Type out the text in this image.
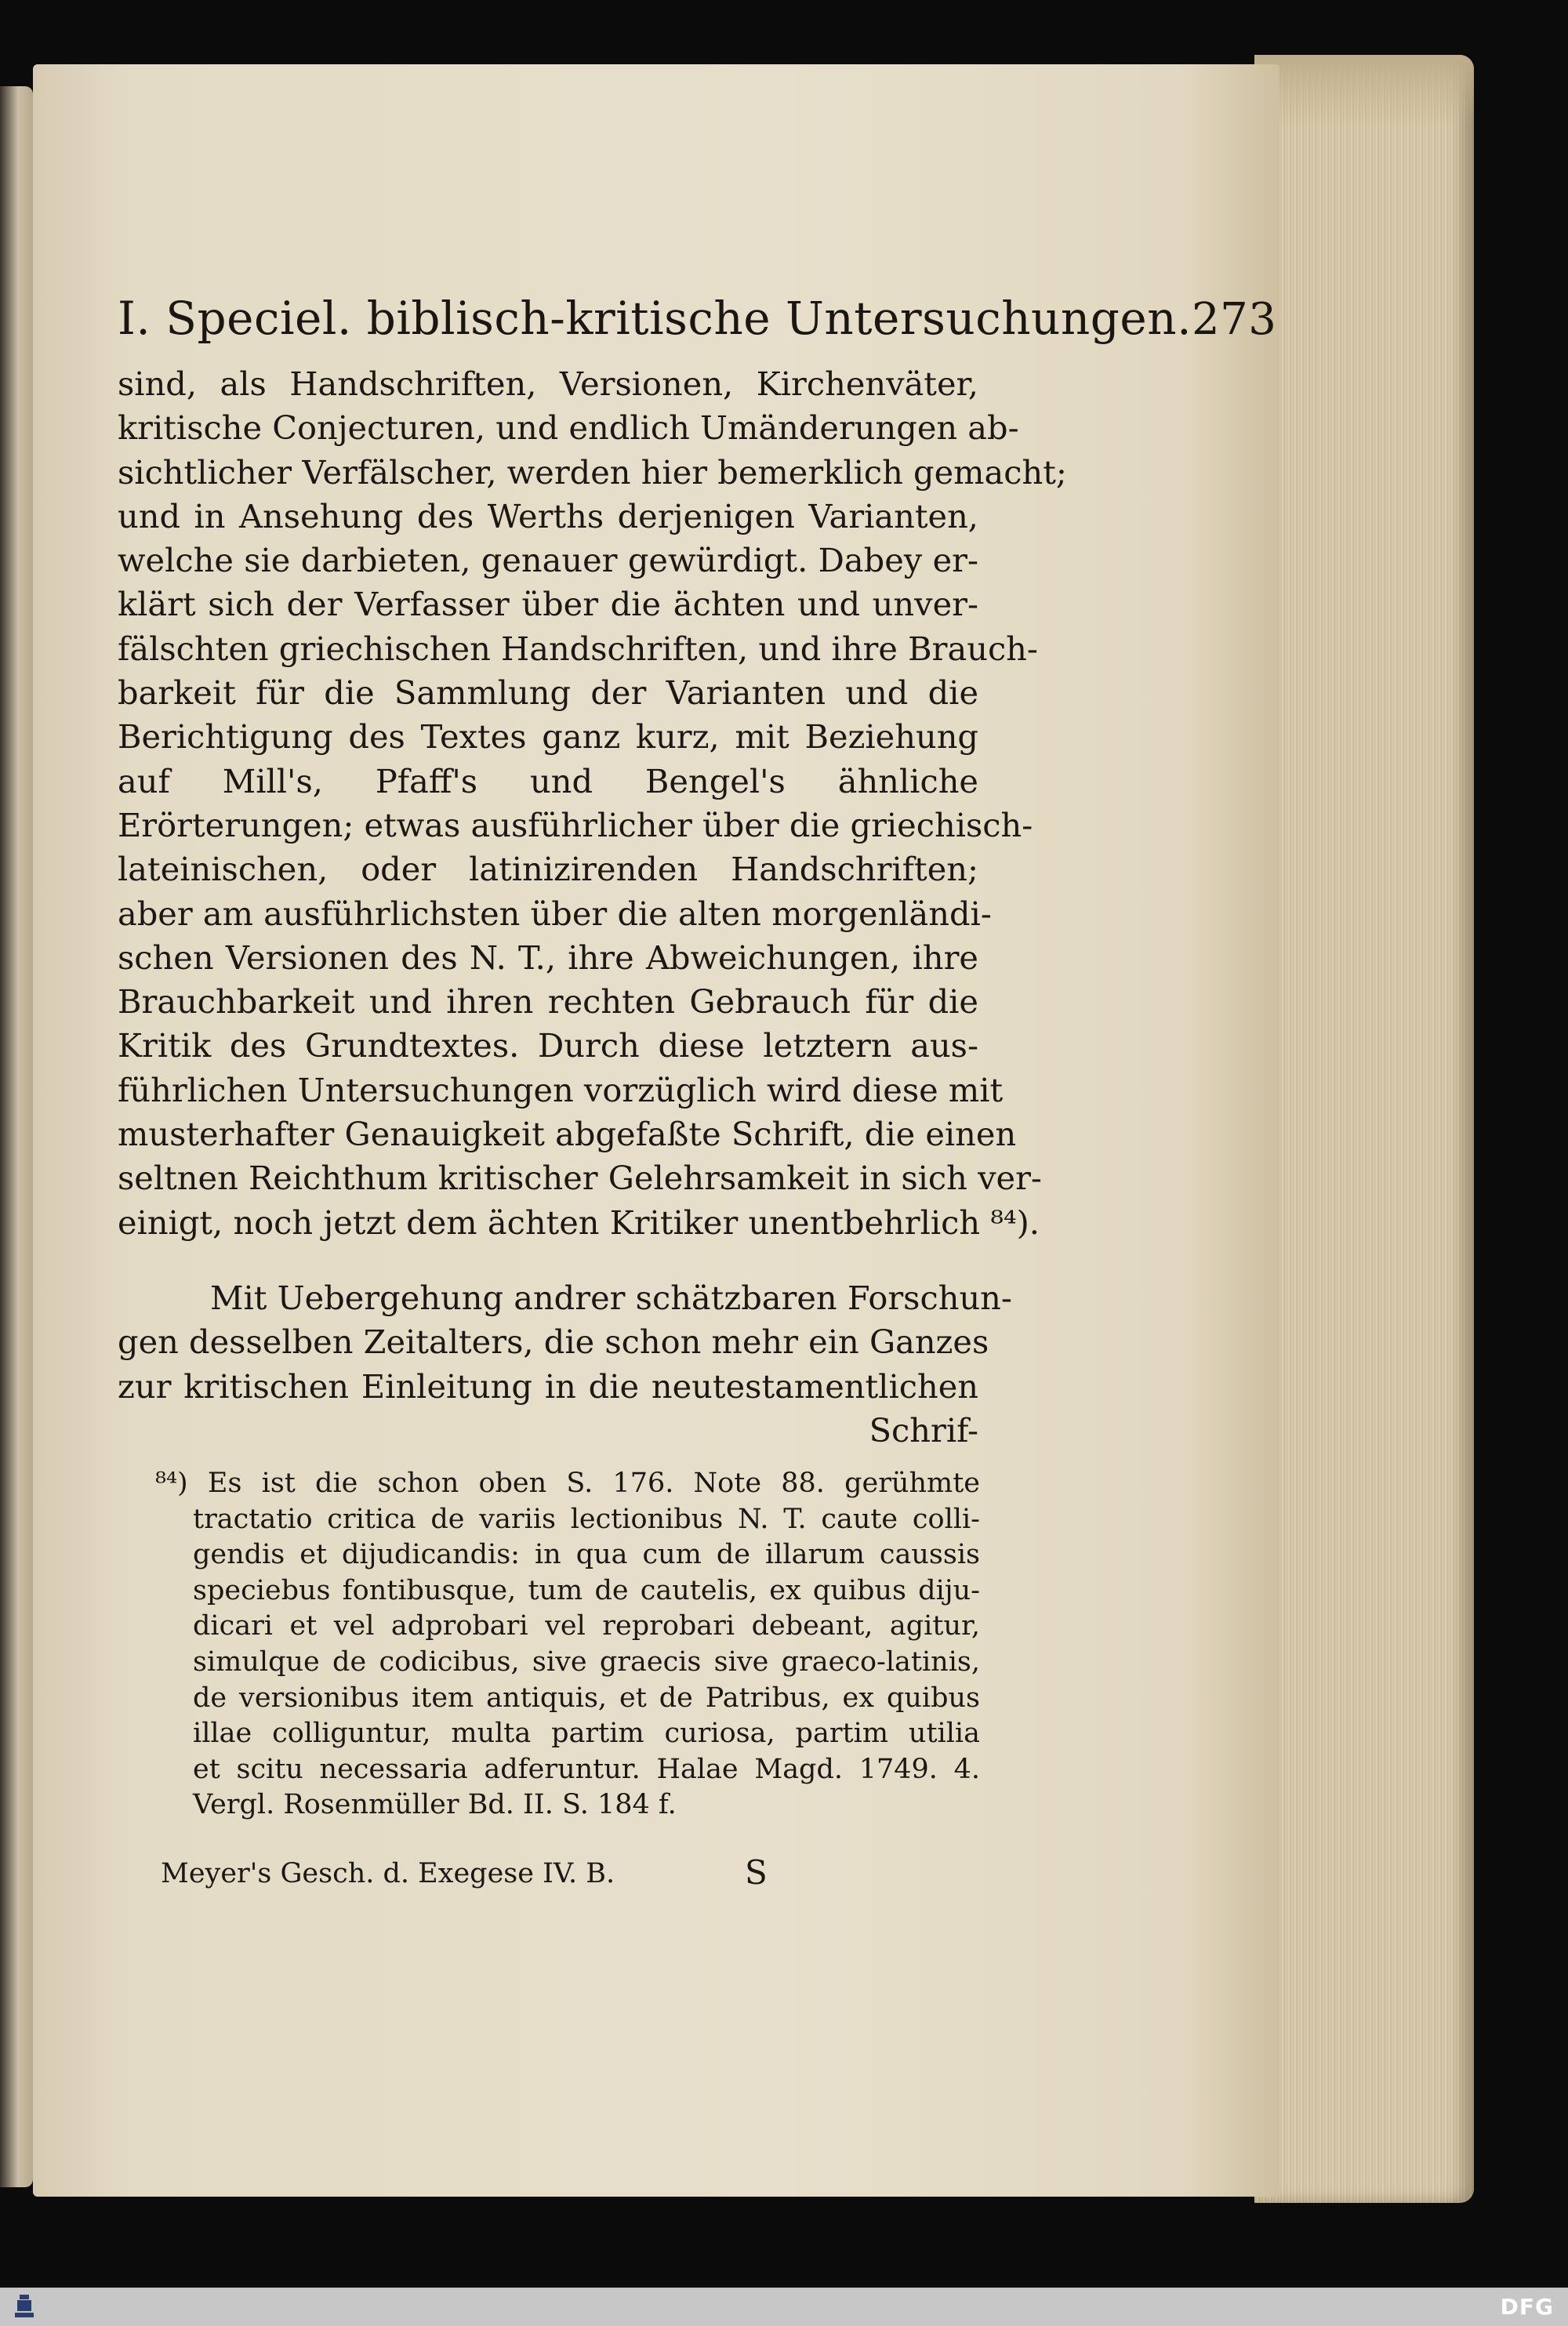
I. Speciel. biblisch-kritische Untersuchungen. 273
sind, als Handschriften, Versionen, Kirchenväter,
kritische Conjecturen, und endlich Umänderungen ab-
sichtlicher Verfälscher, werden hier bemerklich gemacht;
und in Ansehung des Werths derjenigen Varianten,
welche sie darbieten, genauer gewürdigt. Dabey er-
klärt sich der Verfasser über die ächten und unver-
fälschten griechischen Handschriften, und ihre Brauch-
barkeit für die Sammlung der Varianten und die
Berichtigung des Textes ganz kurz, mit Beziehung
auf Mill's, Pfaff's und Bengel's ähnliche
Erörterungen; etwas ausführlicher über die griechisch-
lateinischen, oder latinizirenden Handschriften;
aber am ausführlichsten über die alten morgenländi-
schen Versionen des N. T., ihre Abweichungen, ihre
Brauchbarkeit und ihren rechten Gebrauch für die
Kritik des Grundtextes. Durch diese letztern aus-
führlichen Untersuchungen vorzüglich wird diese mit
musterhafter Genauigkeit abgefaßte Schrift, die einen
seltnen Reichthum kritischer Gelehrsamkeit in sich ver-
einigt, noch jetzt dem ächten Kritiker unentbehrlich ⁸⁴).
Mit Uebergehung andrer schätzbaren Forschun-
gen desselben Zeitalters, die schon mehr ein Ganzes
zur kritischen Einleitung in die neutestamentlichen
Schrif-
⁸⁴) Es ist die schon oben S. 176. Note 88. gerühmte
tractatio critica de variis lectionibus N. T. caute colli-
gendis et dijudicandis: in qua cum de illarum caussis
speciebus fontibusque, tum de cautelis, ex quibus diju-
dicari et vel adprobari vel reprobari debeant, agitur,
simulque de codicibus, sive graecis sive graeco-latinis,
de versionibus item antiquis, et de Patribus, ex quibus
illae colliguntur, multa partim curiosa, partim utilia
et scitu necessaria adferuntur. Halae Magd. 1749. 4.
Vergl. Rosenmüller Bd. II. S. 184 f.
Meyer's Gesch. d. Exegese IV. B.	S
DFG
